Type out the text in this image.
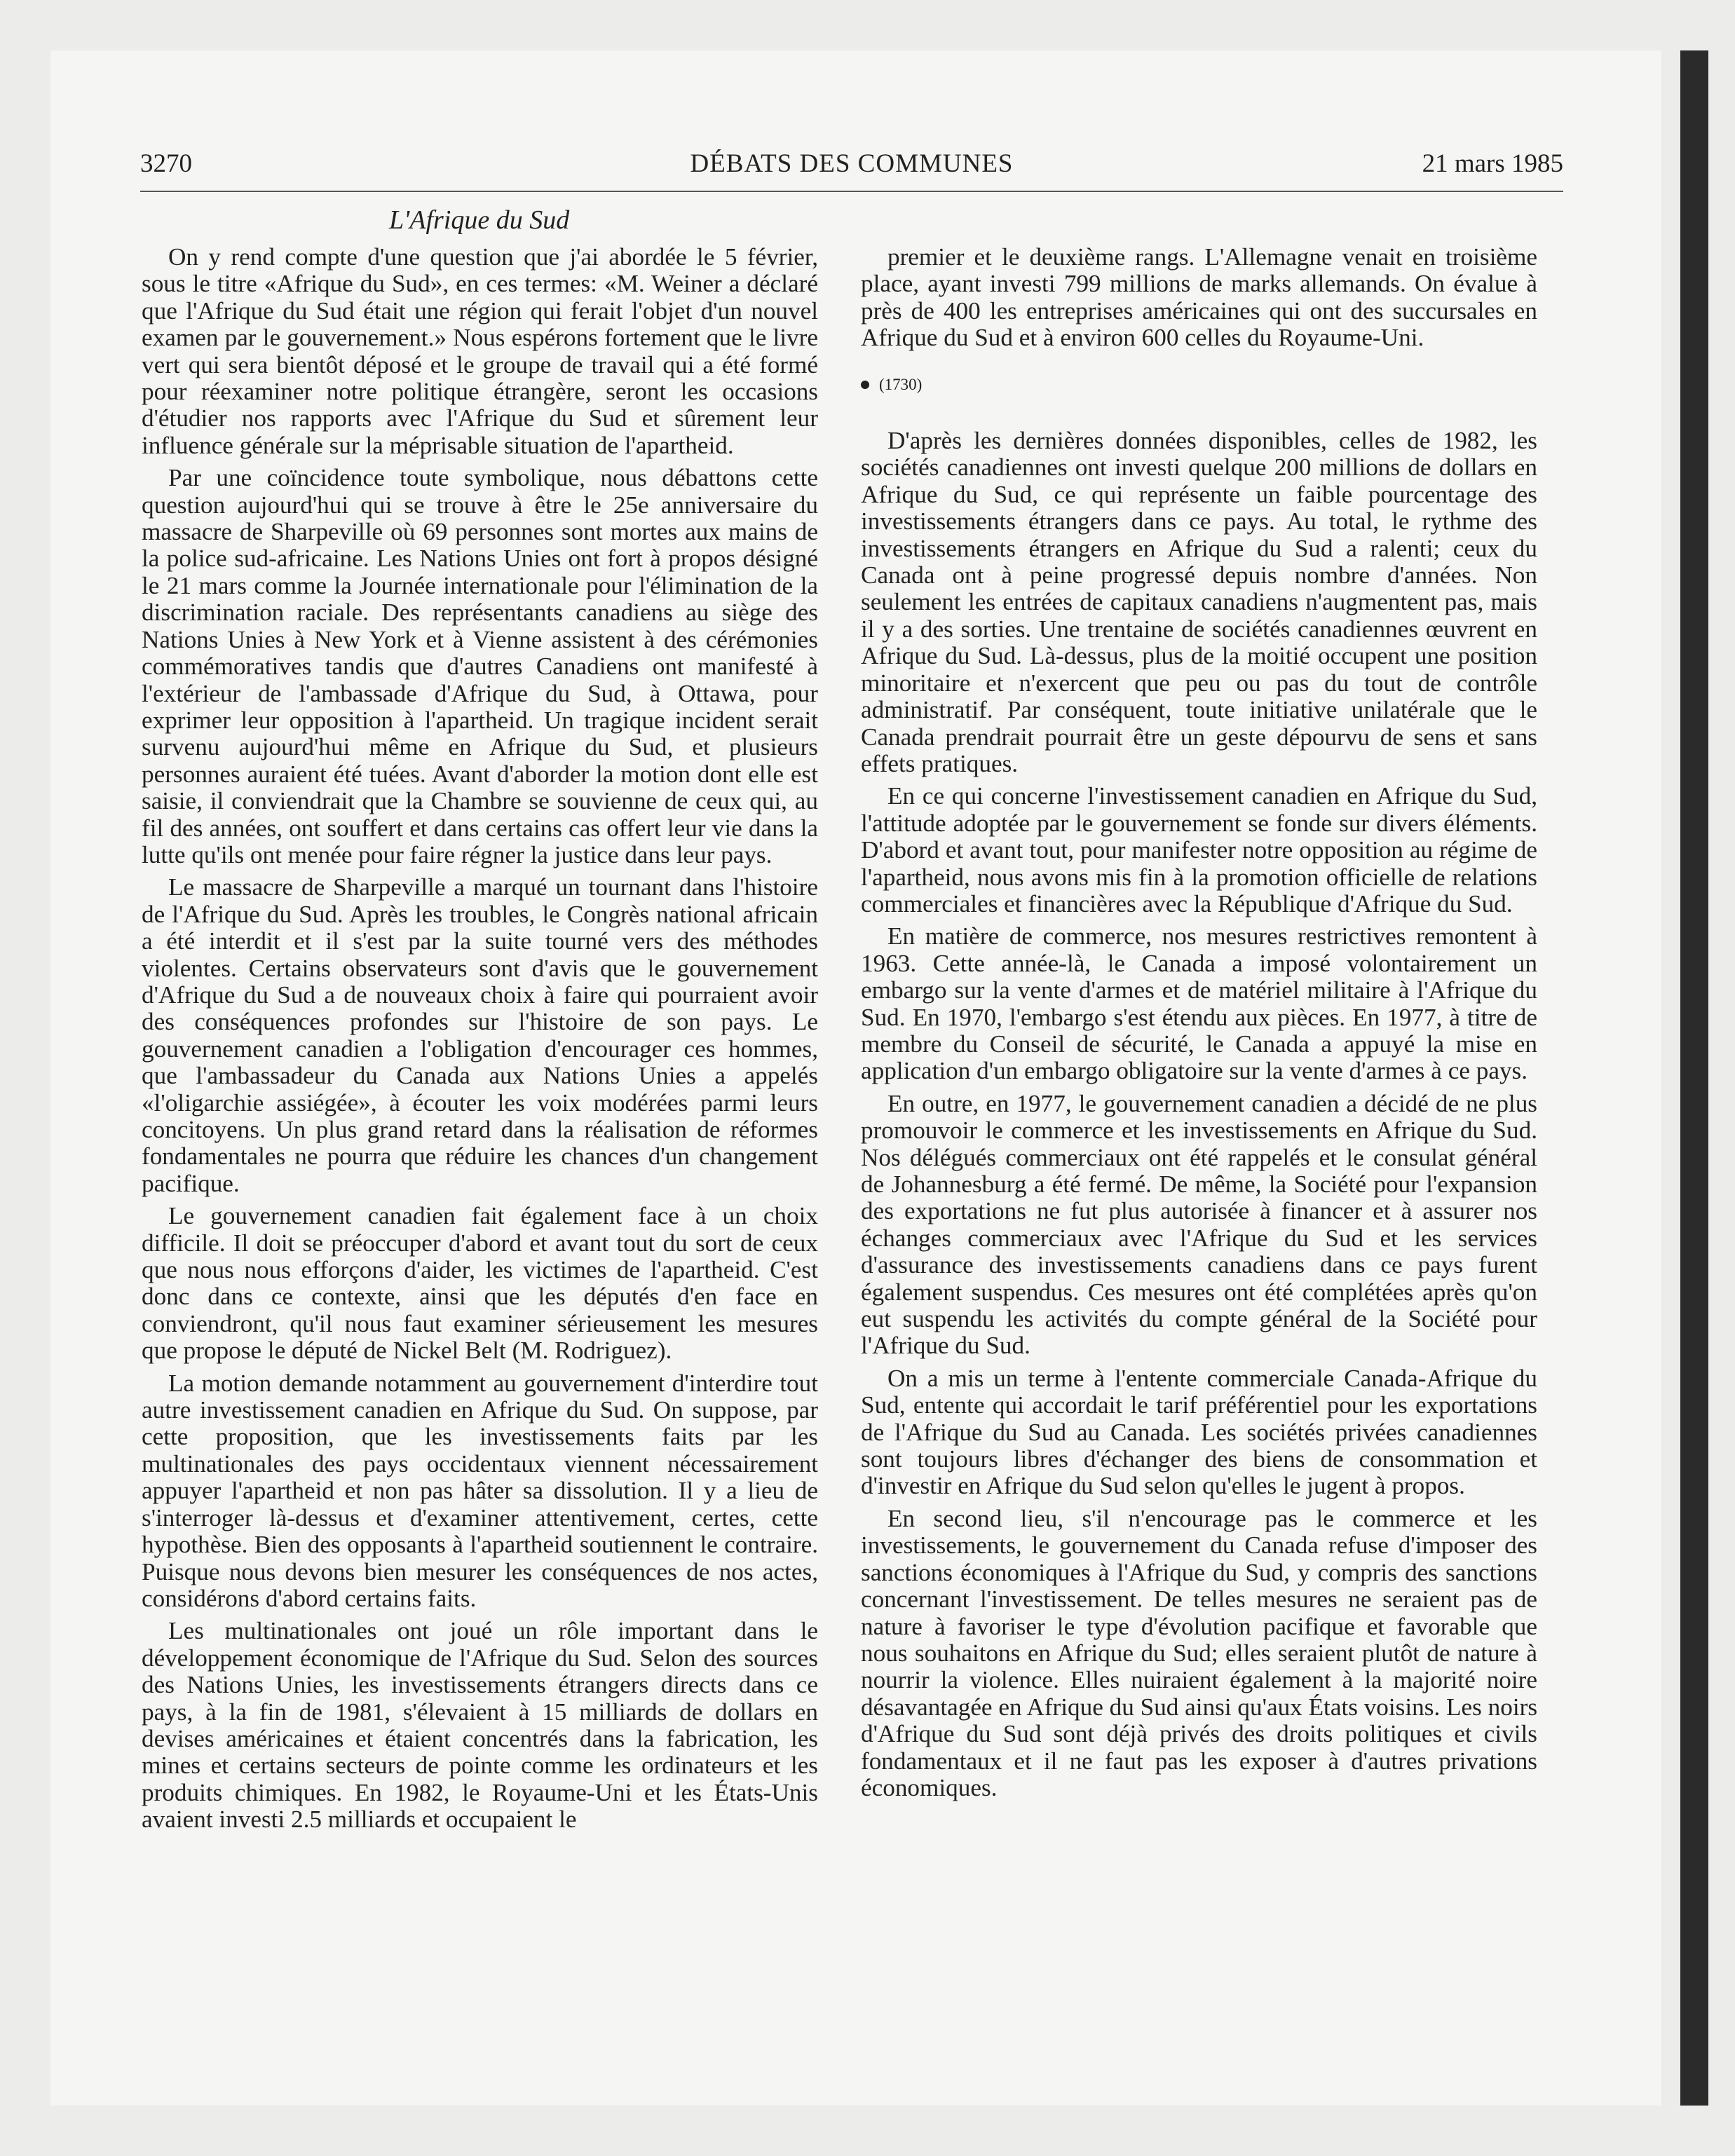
3270	DÉBATS DES COMMUNES	21 mars 1985
L'Afrique du Sud

On y rend compte d'une question que j'ai abordée le 5 février, sous le titre «Afrique du Sud», en ces termes: «M. Weiner a déclaré que l'Afrique du Sud était une région qui ferait l'objet d'un nouvel examen par le gouvernement.» Nous espérons fortement que le livre vert qui sera bientôt déposé et le groupe de travail qui a été formé pour réexaminer notre politique étrangère, seront les occasions d'étudier nos rapports avec l'Afrique du Sud et sûrement leur influence générale sur la méprisable situation de l'apartheid.

Par une coïncidence toute symbolique, nous débattons cette question aujourd'hui qui se trouve à être le 25e anniversaire du massacre de Sharpeville où 69 personnes sont mortes aux mains de la police sud-africaine. Les Nations Unies ont fort à propos désigné le 21 mars comme la Journée internationale pour l'élimination de la discrimination raciale. Des représentants canadiens au siège des Nations Unies à New York et à Vienne assistent à des cérémonies commémoratives tandis que d'autres Canadiens ont manifesté à l'extérieur de l'ambassade d'Afrique du Sud, à Ottawa, pour exprimer leur opposition à l'apartheid. Un tragique incident serait survenu aujourd'hui même en Afrique du Sud, et plusieurs personnes auraient été tuées. Avant d'aborder la motion dont elle est saisie, il conviendrait que la Chambre se souvienne de ceux qui, au fil des années, ont souffert et dans certains cas offert leur vie dans la lutte qu'ils ont menée pour faire régner la justice dans leur pays.

Le massacre de Sharpeville a marqué un tournant dans l'histoire de l'Afrique du Sud. Après les troubles, le Congrès national africain a été interdit et il s'est par la suite tourné vers des méthodes violentes. Certains observateurs sont d'avis que le gouvernement d'Afrique du Sud a de nouveaux choix à faire qui pourraient avoir des conséquences profondes sur l'histoire de son pays. Le gouvernement canadien a l'obligation d'encourager ces hommes, que l'ambassadeur du Canada aux Nations Unies a appelés «l'oligarchie assiégée», à écouter les voix modérées parmi leurs concitoyens. Un plus grand retard dans la réalisation de réformes fondamentales ne pourra que réduire les chances d'un changement pacifique.

Le gouvernement canadien fait également face à un choix difficile. Il doit se préoccuper d'abord et avant tout du sort de ceux que nous nous efforçons d'aider, les victimes de l'apartheid. C'est donc dans ce contexte, ainsi que les députés d'en face en conviendront, qu'il nous faut examiner sérieusement les mesures que propose le député de Nickel Belt (M. Rodriguez).

La motion demande notamment au gouvernement d'interdire tout autre investissement canadien en Afrique du Sud. On suppose, par cette proposition, que les investissements faits par les multinationales des pays occidentaux viennent nécessairement appuyer l'apartheid et non pas hâter sa dissolution. Il y a lieu de s'interroger là-dessus et d'examiner attentivement, certes, cette hypothèse. Bien des opposants à l'apartheid soutiennent le contraire. Puisque nous devons bien mesurer les conséquences de nos actes, considérons d'abord certains faits.

Les multinationales ont joué un rôle important dans le développement économique de l'Afrique du Sud. Selon des sources des Nations Unies, les investissements étrangers directs dans ce pays, à la fin de 1981, s'élevaient à 15 milliards de dollars en devises américaines et étaient concentrés dans la fabrication, les mines et certains secteurs de pointe comme les ordinateurs et les produits chimiques. En 1982, le Royaume-Uni et les États-Unis avaient investi 2.5 milliards et occupaient le

premier et le deuxième rangs. L'Allemagne venait en troisième place, ayant investi 799 millions de marks allemands. On évalue à près de 400 les entreprises américaines qui ont des succursales en Afrique du Sud et à environ 600 celles du Royaume-Uni.

(1730)

D'après les dernières données disponibles, celles de 1982, les sociétés canadiennes ont investi quelque 200 millions de dollars en Afrique du Sud, ce qui représente un faible pourcentage des investissements étrangers dans ce pays. Au total, le rythme des investissements étrangers en Afrique du Sud a ralenti; ceux du Canada ont à peine progressé depuis nombre d'années. Non seulement les entrées de capitaux canadiens n'augmentent pas, mais il y a des sorties. Une trentaine de sociétés canadiennes œuvrent en Afrique du Sud. Là-dessus, plus de la moitié occupent une position minoritaire et n'exercent que peu ou pas du tout de contrôle administratif. Par conséquent, toute initiative unilatérale que le Canada prendrait pourrait être un geste dépourvu de sens et sans effets pratiques.

En ce qui concerne l'investissement canadien en Afrique du Sud, l'attitude adoptée par le gouvernement se fonde sur divers éléments. D'abord et avant tout, pour manifester notre opposition au régime de l'apartheid, nous avons mis fin à la promotion officielle de relations commerciales et financières avec la République d'Afrique du Sud.

En matière de commerce, nos mesures restrictives remontent à 1963. Cette année-là, le Canada a imposé volontairement un embargo sur la vente d'armes et de matériel militaire à l'Afrique du Sud. En 1970, l'embargo s'est étendu aux pièces. En 1977, à titre de membre du Conseil de sécurité, le Canada a appuyé la mise en application d'un embargo obligatoire sur la vente d'armes à ce pays.

En outre, en 1977, le gouvernement canadien a décidé de ne plus promouvoir le commerce et les investissements en Afrique du Sud. Nos délégués commerciaux ont été rappelés et le consulat général de Johannesburg a été fermé. De même, la Société pour l'expansion des exportations ne fut plus autorisée à financer et à assurer nos échanges commerciaux avec l'Afrique du Sud et les services d'assurance des investissements canadiens dans ce pays furent également suspendus. Ces mesures ont été complétées après qu'on eut suspendu les activités du compte général de la Société pour l'Afrique du Sud.

On a mis un terme à l'entente commerciale Canada-Afrique du Sud, entente qui accordait le tarif préférentiel pour les exportations de l'Afrique du Sud au Canada. Les sociétés privées canadiennes sont toujours libres d'échanger des biens de consommation et d'investir en Afrique du Sud selon qu'elles le jugent à propos.

En second lieu, s'il n'encourage pas le commerce et les investissements, le gouvernement du Canada refuse d'imposer des sanctions économiques à l'Afrique du Sud, y compris des sanctions concernant l'investissement. De telles mesures ne seraient pas de nature à favoriser le type d'évolution pacifique et favorable que nous souhaitons en Afrique du Sud; elles seraient plutôt de nature à nourrir la violence. Elles nuiraient également à la majorité noire désavantagée en Afrique du Sud ainsi qu'aux États voisins. Les noirs d'Afrique du Sud sont déjà privés des droits politiques et civils fondamentaux et il ne faut pas les exposer à d'autres privations économiques.
